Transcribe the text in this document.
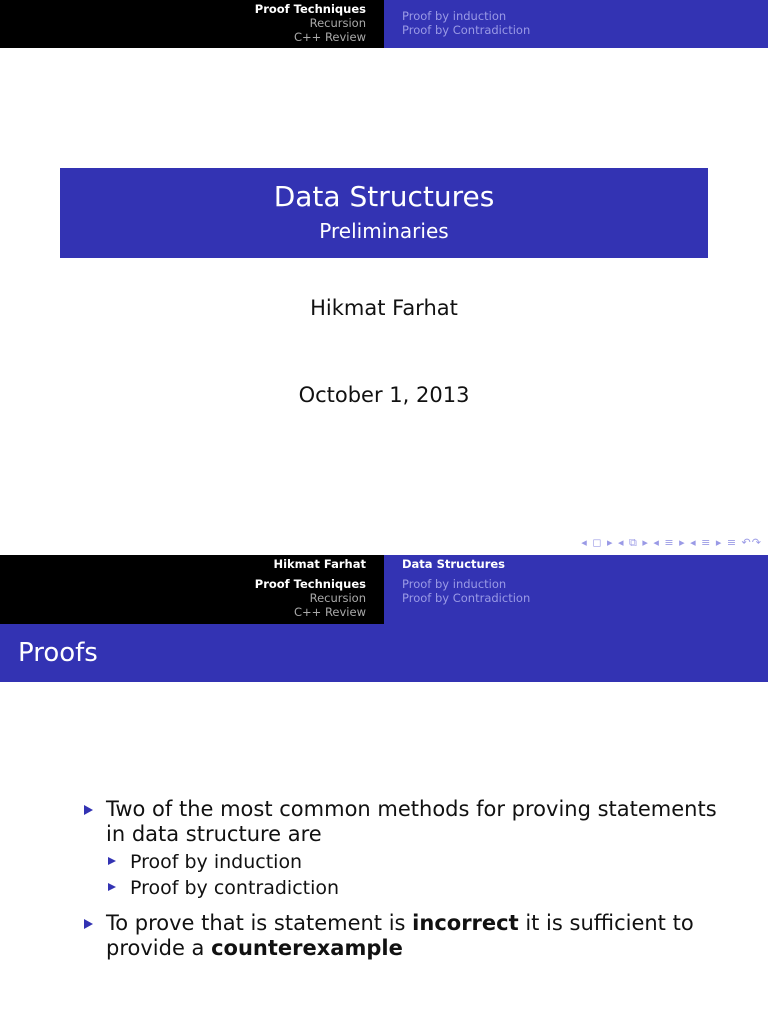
Proof Techniques
Recursion
C++ Review
Proof by induction
Proof by Contradiction
Data Structures
Preliminaries
Hikmat Farhat
October 1, 2013
◂ ◻ ▸ ◂ ⧉ ▸ ◂ ≡ ▸ ◂ ≡ ▸ ≡ ↶↷
Hikmat Farhat
Proof Techniques
Recursion
C++ Review
Data Structures
Proof by induction
Proof by Contradiction
Proofs
Two of the most common methods for proving statements in data structure are
Proof by induction
Proof by contradiction
To prove that is statement is incorrect it is sufficient to provide a counterexample
